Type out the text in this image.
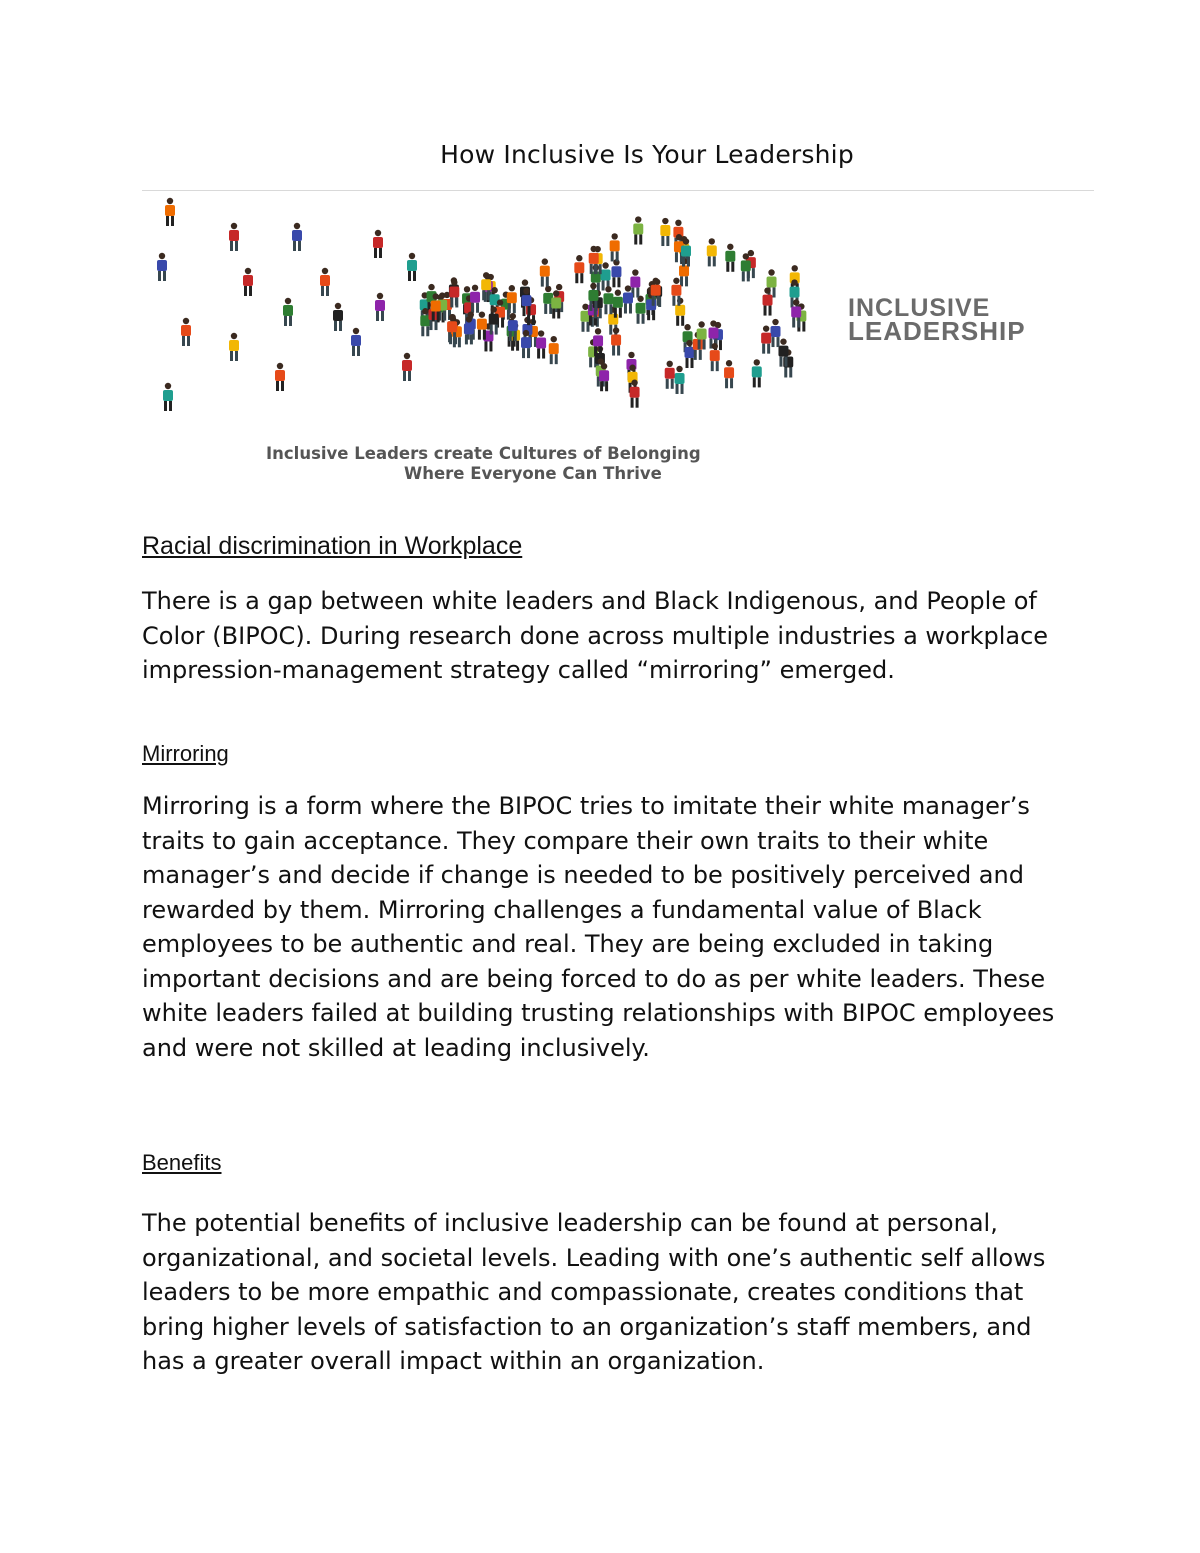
How Inclusive Is Your Leadership
INCLUSIVE
LEADERSHIP
Inclusive Leaders create Cultures of Belonging
Where Everyone Can Thrive
Racial discrimination in Workplace

There is a gap between white leaders and Black Indigenous, and People of Color (BIPOC). During research done across multiple industries a workplace impression-management strategy called “mirroring” emerged.

Mirroring

Mirroring is a form where the BIPOC tries to imitate their white manager’s traits to gain acceptance. They compare their own traits to their white manager’s and decide if change is needed to be positively perceived and rewarded by them. Mirroring challenges a fundamental value of Black employees to be authentic and real. They are being excluded in taking important decisions and are being forced to do as per white leaders. These white leaders failed at building trusting relationships with BIPOC employees and were not skilled at leading inclusively.

Benefits

The potential benefits of inclusive leadership can be found at personal, organizational, and societal levels. Leading with one’s authentic self allows leaders to be more empathic and compassionate, creates conditions that bring higher levels of satisfaction to an organization’s staff members, and has a greater overall impact within an organization.
